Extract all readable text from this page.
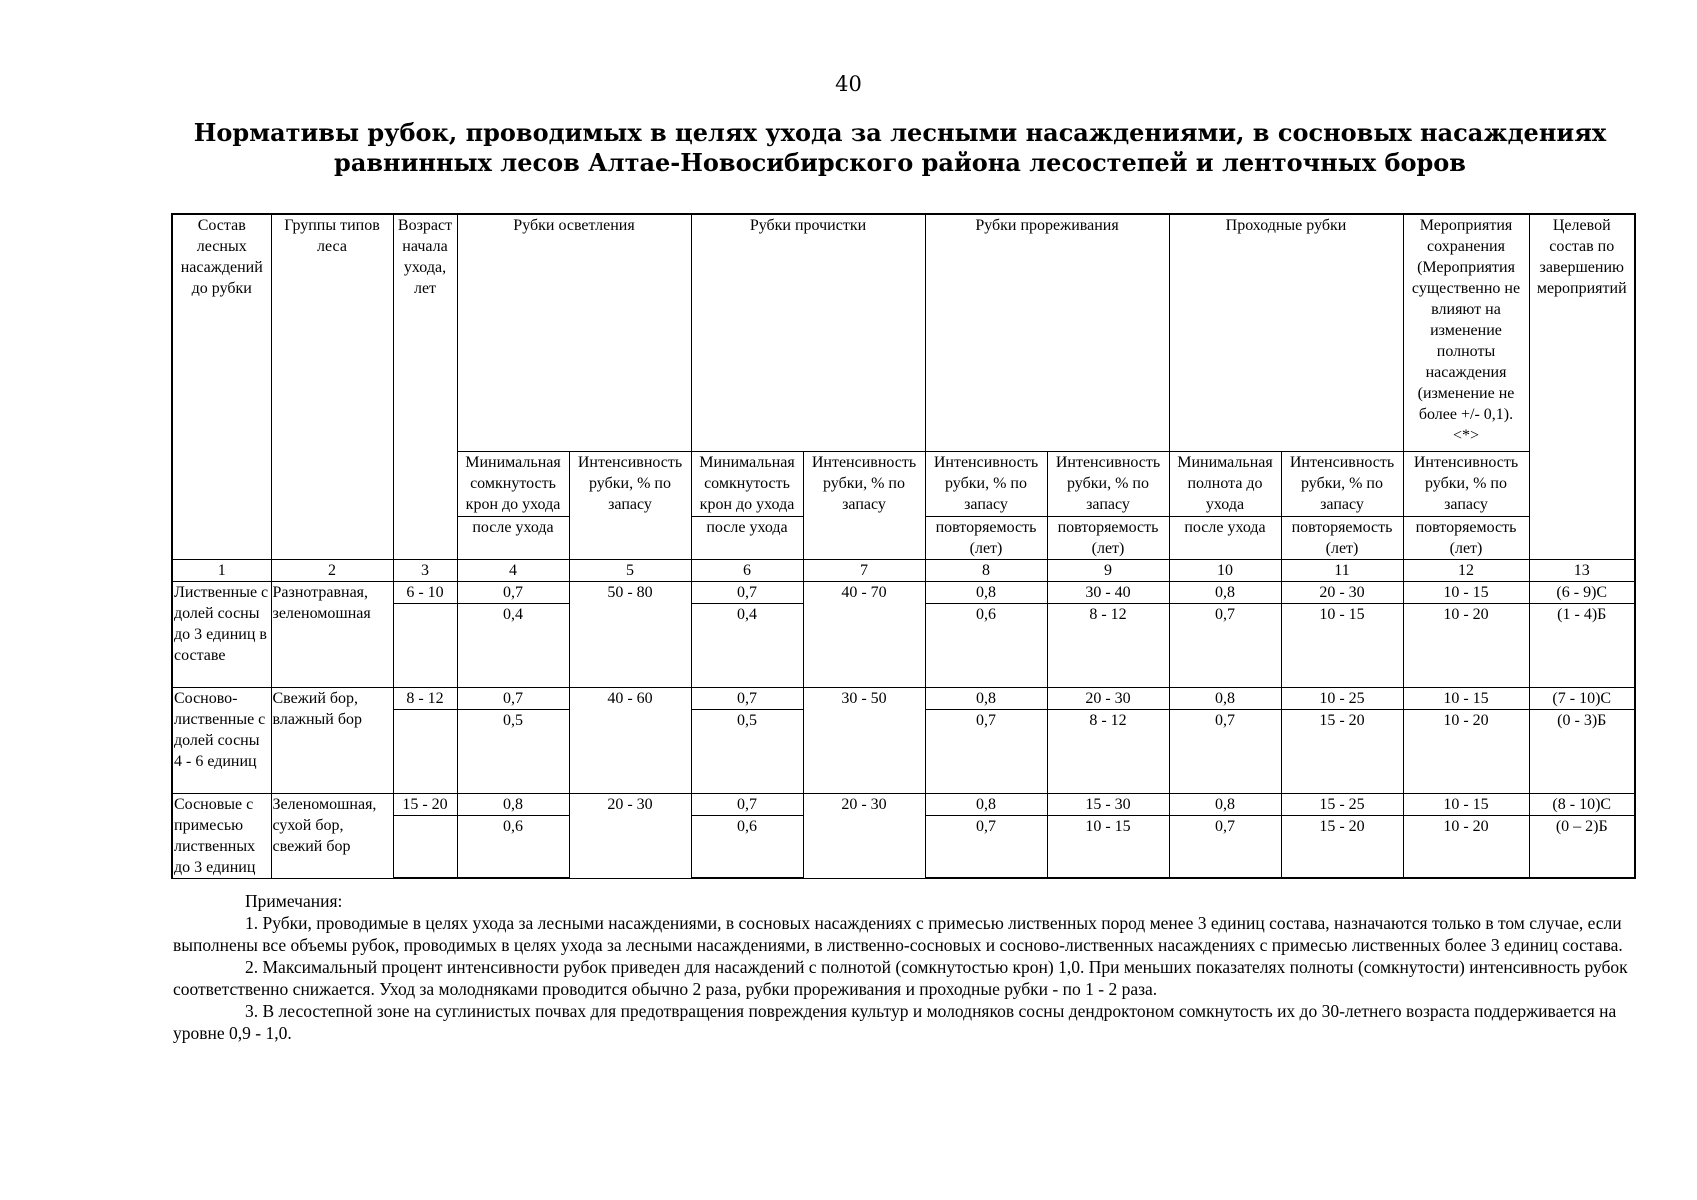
40
Нормативы рубок, проводимых в целях ухода за лесными насаждениями, в сосновых насаждениях
равнинных лесов Алтае-Новосибирского района лесостепей и ленточных боров
Состав лесных насаждений до рубки	Группы типов леса	Возраст начала ухода, лет	Рубки осветления		Рубки прочистки		Рубки прореживания		Проходные рубки		Мероприятия сохранения (Мероприятия существенно не влияют на изменение полноты насаждения (изменение не более +/- 0,1). <*>	Целевой состав по завершению мероприятий
			Минимальная сомкнутость крон до ухода	Интенсивность рубки, % по запасу	Минимальная сомкнутость крон до ухода	Интенсивность рубки, % по запасу	Интенсивность рубки, % по запасу	Интенсивность рубки, % по запасу	Минимальная полнота до ухода	Интенсивность рубки, % по запасу	Интенсивность рубки, % по запасу	
			после ухода		после ухода		повторяемость (лет)	повторяемость (лет)	после ухода	повторяемость (лет)	повторяемость (лет)	
1	2	3	4	5	6	7	8	9	10	11	12	13
Лиственные с долей сосны до 3 единиц в составе	Разнотравная, зеленомошная	6 - 10	0,7	50 - 80	0,7	40 - 70	0,8	30 - 40	0,8	20 - 30	10 - 15	(6 - 9)С
			0,4		0,4		0,6	8 - 12	0,7	10 - 15	10 - 20	(1 - 4)Б
Сосново-лиственные с долей сосны 4 - 6 единиц	Свежий бор, влажный бор	8 - 12	0,7	40 - 60	0,7	30 - 50	0,8	20 - 30	0,8	10 - 25	10 - 15	(7 - 10)С
			0,5		0,5		0,7	8 - 12	0,7	15 - 20	10 - 20	(0 - 3)Б
Сосновые с примесью лиственных до 3 единиц	Зеленомошная, сухой бор, свежий бор	15 - 20	0,8	20 - 30	0,7	20 - 30	0,8	15 - 30	0,8	15 - 25	10 - 15	(8 - 10)С
			0,6		0,6		0,7	10 - 15	0,7	15 - 20	10 - 20	(0 – 2)Б

Примечания:

1. Рубки, проводимые в целях ухода за лесными насаждениями, в сосновых насаждениях с примесью лиственных пород менее 3 единиц состава, назначаются только в том случае, если выполнены все объемы рубок, проводимых в целях ухода за лесными насаждениями, в лиственно-сосновых и сосново-лиственных насаждениях с примесью лиственных более 3 единиц состава.

2. Максимальный процент интенсивности рубок приведен для насаждений с полнотой (сомкнутостью крон) 1,0. При меньших показателях полноты (сомкнутости) интенсивность рубок соответственно снижается. Уход за молодняками проводится обычно 2 раза, рубки прореживания и проходные рубки - по 1 - 2 раза.

3. В лесостепной зоне на суглинистых почвах для предотвращения повреждения культур и молодняков сосны дендроктоном сомкнутость их до 30-летнего возраста поддерживается на уровне 0,9 - 1,0.
